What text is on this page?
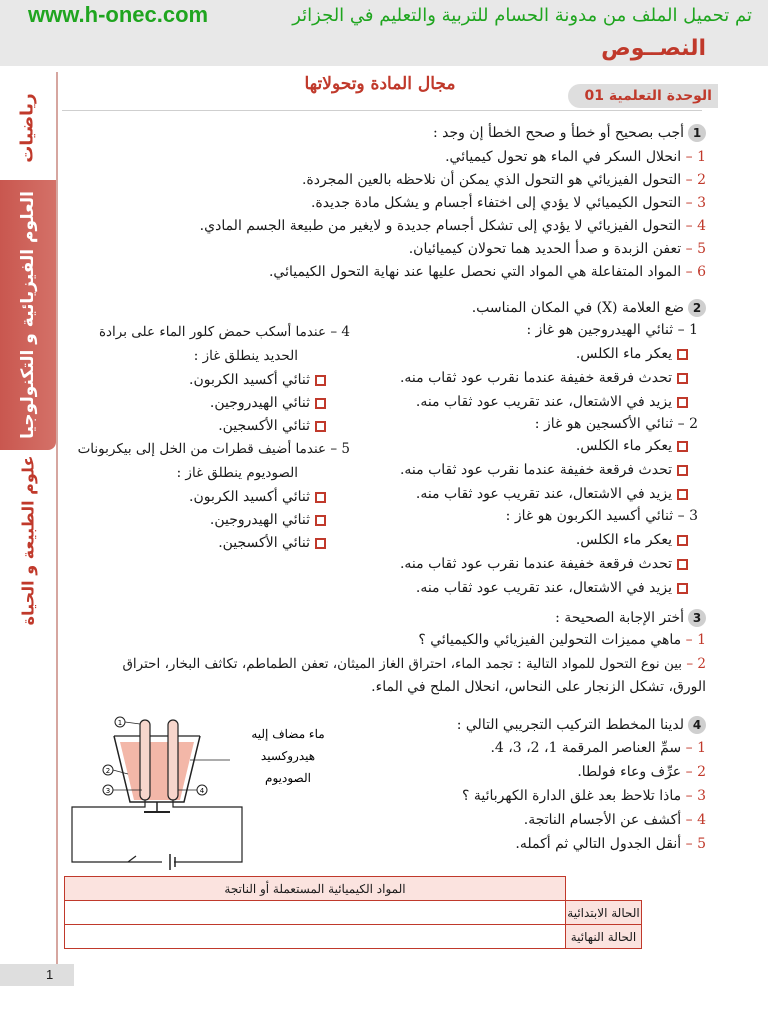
www.h-onec.com	تم تحميل الملف من مدونة الحسام للتربية والتعليم في الجزائر
النصــوص
رياضيات
العلوم الفيزيائية و التكنولوجيا
علوم الطبيعة و الحياة
الوحدة التعلمية 01
مجال المادة وتحولاتها
1أجب بصحيح أو خطأ و صحح الخطأ إن وجد :
1 – انحلال السكر في الماء هو تحول كيميائي.
2 – التحول الفيزيائي هو التحول الذي يمكن أن نلاحظه بالعين المجردة.
3 – التحول الكيميائي لا يؤدي إلى اختفاء أجسام و يشكل مادة جديدة.
4 – التحول الفيزيائي لا يؤدي إلى تشكل أجسام جديدة و لايغير من طبيعة الجسم المادي.
5 – تعفن الزبدة و صدأ الحديد هما تحولان كيميائيان.
6 – المواد المتفاعلة هي المواد التي نحصل عليها عند نهاية التحول الكيميائي.
2ضع العلامة (X) في المكان المناسب.
1 – ثنائي الهيدروجين هو غاز :
يعكر ماء الكلس.
تحدث فرقعة خفيفة عندما نقرب عود ثقاب منه.
يزيد في الاشتعال، عند تقريب عود ثقاب منه.
2 – ثنائي الأكسجين هو غاز :
يعكر ماء الكلس.
تحدث فرقعة خفيفة عندما نقرب عود ثقاب منه.
يزيد في الاشتعال، عند تقريب عود ثقاب منه.
3 – ثنائي أكسيد الكربون هو غاز :
يعكر ماء الكلس.
تحدث فرقعة خفيفة عندما نقرب عود ثقاب منه.
يزيد في الاشتعال، عند تقريب عود ثقاب منه.
4 – عندما أسكب حمض كلور الماء على برادة
الحديد ينطلق غاز :
ثنائي أكسيد الكربون.
ثنائي الهيدروجين.
ثنائي الأكسجين.
5 – عندما أضيف قطرات من الخل إلى بيكربونات
الصوديوم ينطلق غاز :
ثنائي أكسيد الكربون.
ثنائي الهيدروجين.
ثنائي الأكسجين.
3أختر الإجابة الصحيحة :
1 – ماهي مميزات التحولين الفيزيائي والكيميائي ؟
2 – بين نوع التحول للمواد التالية : تجمد الماء، احتراق الغاز الميثان، تعفن الطماطم، تكاثف البخار، احتراق
الورق، تشكل الزنجار على النحاس، انحلال الملح في الماء.
4لدينا المخطط التركيب التجريبي التالي :
1 – سمِّ العناصر المرقمة 1، 2، 3، 4.
2 – عرِّف وعاء فولطا.
3 – ماذا تلاحظ بعد غلق الدارة الكهربائية ؟
4 – أكشف عن الأجسام الناتجة.
5 – أنقل الجدول التالي ثم أكمله.
1
2
3	4
ماء مضاف إليه
هيدروكسيد
الصوديوم
	المواد الكيميائية المستعملة أو الناتجة
الحالة الابتدائية	
الحالة النهائية	
1
